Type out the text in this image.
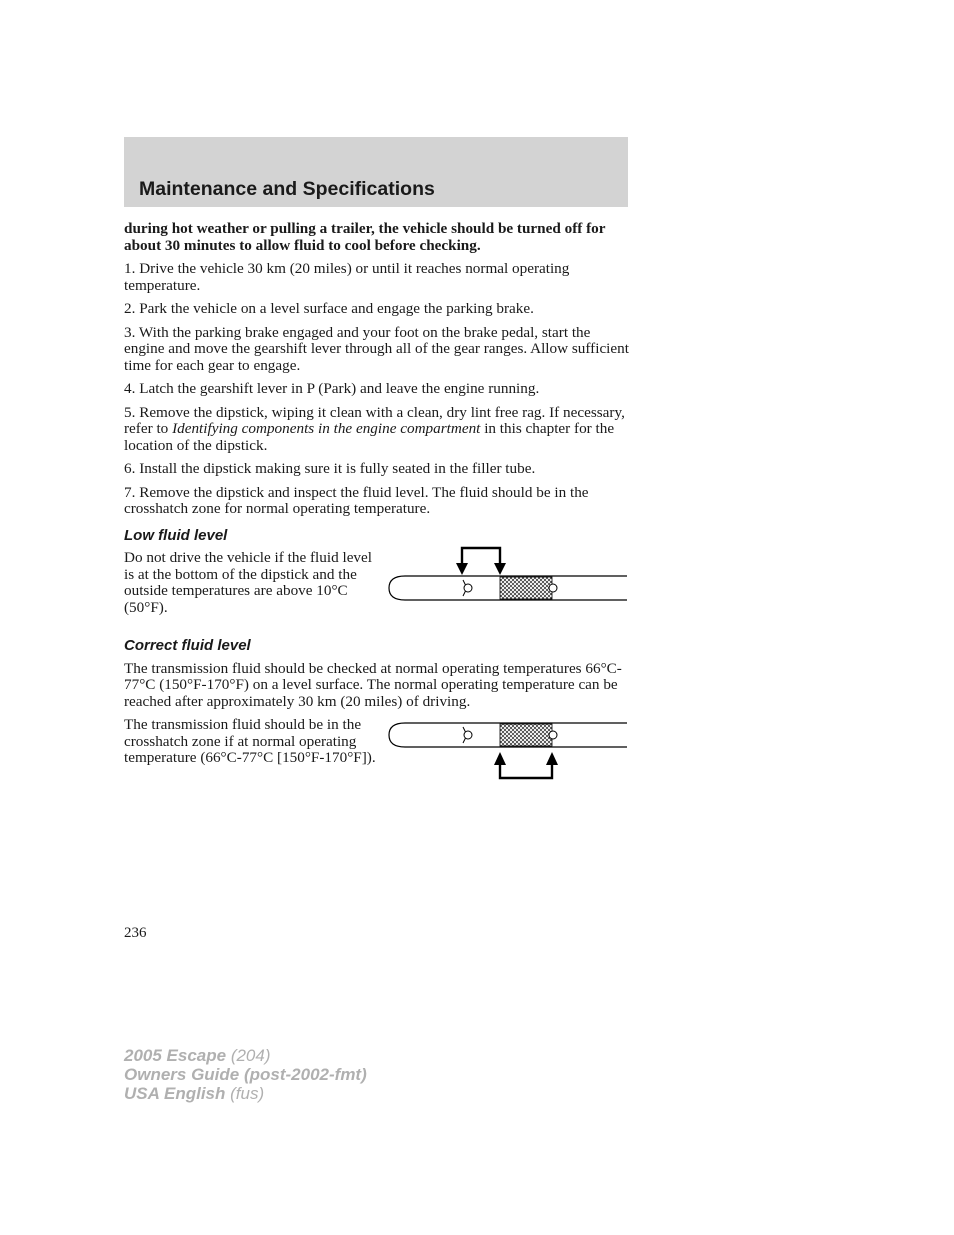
Maintenance and Specifications

during hot weather or pulling a trailer, the vehicle should be turned off for about 30 minutes to allow fluid to cool before checking.

1. Drive the vehicle 30 km (20 miles) or until it reaches normal operating temperature.

2. Park the vehicle on a level surface and engage the parking brake.

3. With the parking brake engaged and your foot on the brake pedal, start the engine and move the gearshift lever through all of the gear ranges. Allow sufficient time for each gear to engage.

4. Latch the gearshift lever in P (Park) and leave the engine running.

5. Remove the dipstick, wiping it clean with a clean, dry lint free rag. If necessary, refer to Identifying components in the engine compartment in this chapter for the location of the dipstick.

6. Install the dipstick making sure it is fully seated in the filler tube.

7. Remove the dipstick and inspect the fluid level. The fluid should be in the crosshatch zone for normal operating temperature.

Low fluid level

Do not drive the vehicle if the fluid level is at the bottom of the dipstick and the outside temperatures are above 10°C (50°F).

Correct fluid level

The transmission fluid should be checked at normal operating temperatures 66°C-77°C (150°F-170°F) on a level surface. The normal operating temperature can be reached after approximately 30 km (20 miles) of driving.

The transmission fluid should be in the crosshatch zone if at normal operating temperature (66°C-77°C [150°F-170°F]).

236
2005 Escape (204)
Owners Guide (post-2002-fmt)
USA English (fus)
